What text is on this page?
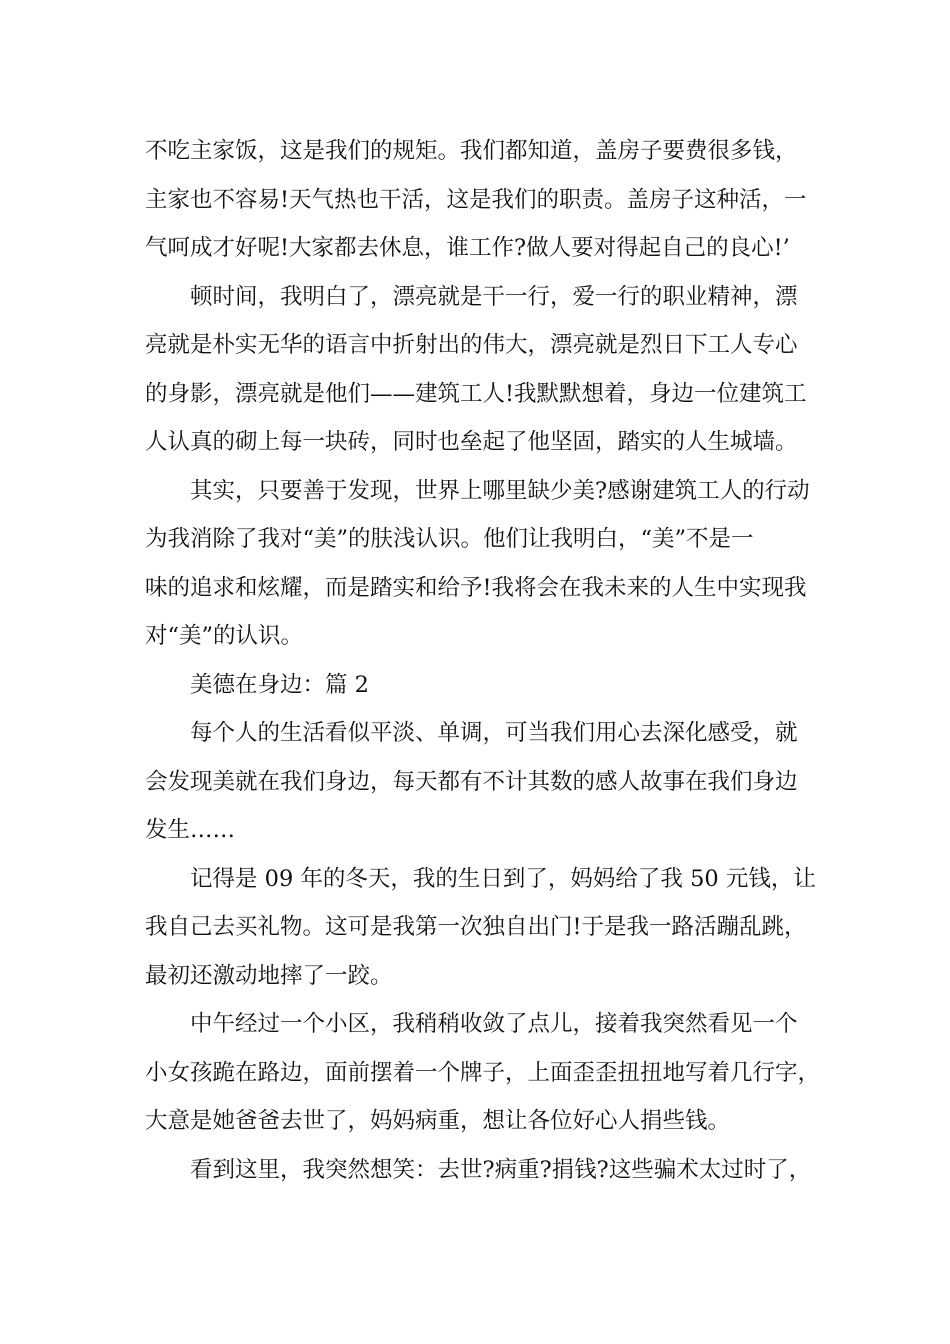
不吃主家饭，这是我们的规矩。我们都知道，盖房子要费很多钱，

主家也不容易!天气热也干活，这是我们的职责。盖房子这种活，一

气呵成才好呢!大家都去休息，谁工作?做人要对得起自己的良心!’

顿时间，我明白了，漂亮就是干一行，爱一行的职业精神，漂

亮就是朴实无华的语言中折射出的伟大，漂亮就是烈日下工人专心

的身影，漂亮就是他们——建筑工人!我默默想着，身边一位建筑工

人认真的砌上每一块砖，同时也垒起了他坚固，踏实的人生城墙。

其实，只要善于发现，世界上哪里缺少美?感谢建筑工人的行动

为我消除了我对“美”的肤浅认识。他们让我明白，“美”不是一

味的追求和炫耀，而是踏实和给予!我将会在我未来的人生中实现我

对“美”的认识。

美德在身边：篇 2

每个人的生活看似平淡、单调，可当我们用心去深化感受，就

会发现美就在我们身边，每天都有不计其数的感人故事在我们身边

发生……

记得是 09 年的冬天，我的生日到了，妈妈给了我 50 元钱，让

我自己去买礼物。这可是我第一次独自出门!于是我一路活蹦乱跳，

最初还激动地摔了一跤。

中午经过一个小区，我稍稍收敛了点儿，接着我突然看见一个

小女孩跪在路边，面前摆着一个牌子，上面歪歪扭扭地写着几行字，

大意是她爸爸去世了，妈妈病重，想让各位好心人捐些钱。

看到这里，我突然想笑：去世?病重?捐钱?这些骗术太过时了，
